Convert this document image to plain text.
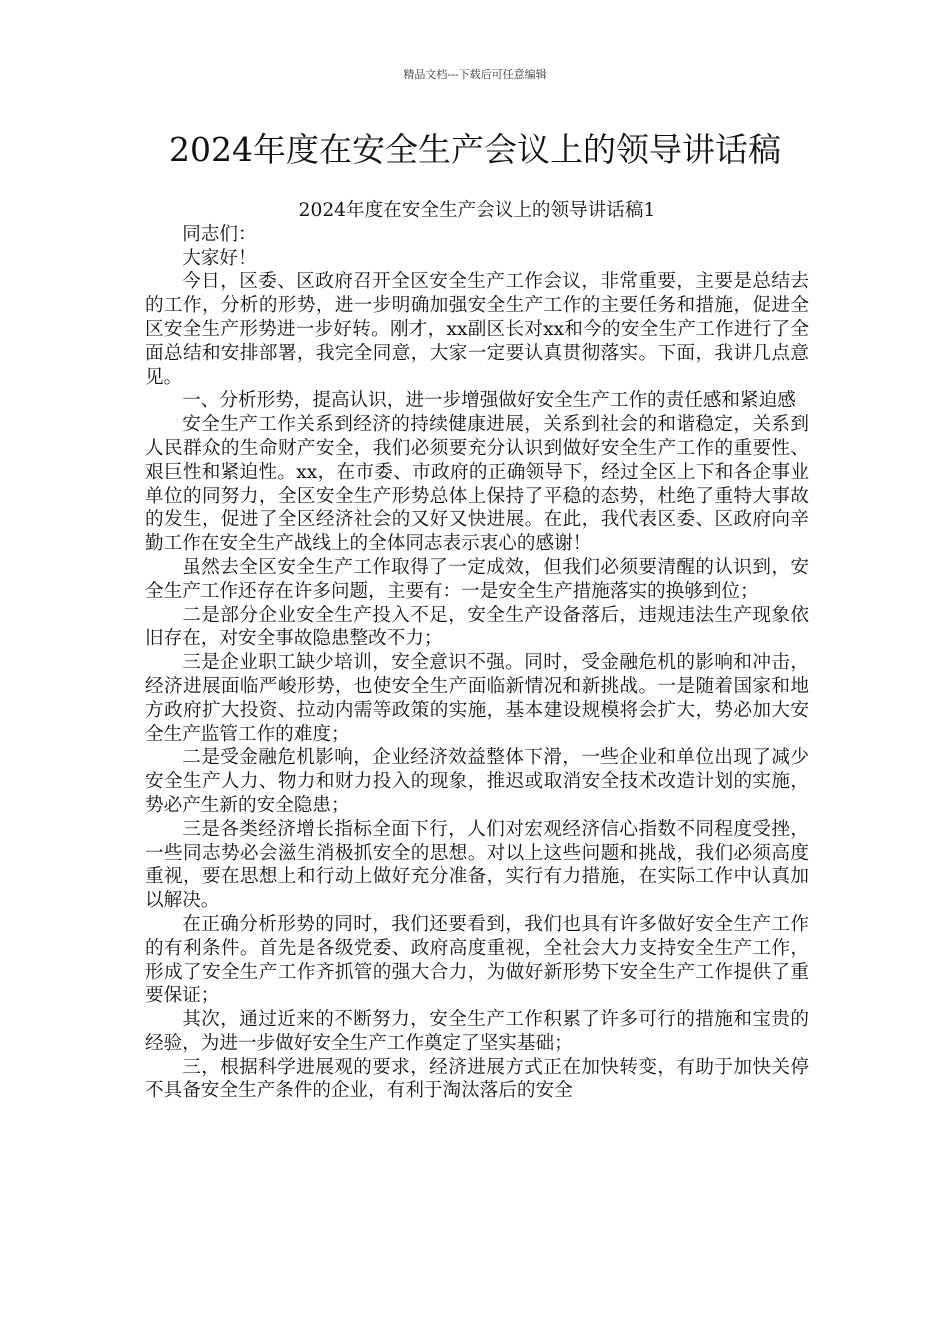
精品文档---下载后可任意编辑
2024年度在安全生产会议上的领导讲话稿

2024年度在安全生产会议上的领导讲话稿1

同志们：

大家好！

今日，区委、区政府召开全区安全生产工作会议，非常重要，主要是总结去的工作，分析的形势，进一步明确加强安全生产工作的主要任务和措施，促进全区安全生产形势进一步好转。刚才，xx副区长对xx和今的安全生产工作进行了全面总结和安排部署，我完全同意，大家一定要认真贯彻落实。下面，我讲几点意见。

一、分析形势，提高认识，进一步增强做好安全生产工作的责任感和紧迫感

安全生产工作关系到经济的持续健康进展，关系到社会的和谐稳定，关系到人民群众的生命财产安全，我们必须要充分认识到做好安全生产工作的重要性、艰巨性和紧迫性。xx，在市委、市政府的正确领导下，经过全区上下和各企事业单位的同努力，全区安全生产形势总体上保持了平稳的态势，杜绝了重特大事故的发生，促进了全区经济社会的又好又快进展。在此，我代表区委、区政府向辛勤工作在安全生产战线上的全体同志表示衷心的感谢！

虽然去全区安全生产工作取得了一定成效，但我们必须要清醒的认识到，安全生产工作还存在许多问题，主要有：一是安全生产措施落实的换够到位；

二是部分企业安全生产投入不足，安全生产设备落后，违规违法生产现象依旧存在，对安全事故隐患整改不力；

三是企业职工缺少培训，安全意识不强。同时，受金融危机的影响和冲击，经济进展面临严峻形势，也使安全生产面临新情况和新挑战。一是随着国家和地方政府扩大投资、拉动内需等政策的实施，基本建设规模将会扩大，势必加大安全生产监管工作的难度；

二是受金融危机影响，企业经济效益整体下滑，一些企业和单位出现了减少安全生产人力、物力和财力投入的现象，推迟或取消安全技术改造计划的实施，势必产生新的安全隐患；

三是各类经济增长指标全面下行，人们对宏观经济信心指数不同程度受挫，一些同志势必会滋生消极抓安全的思想。对以上这些问题和挑战，我们必须高度重视，要在思想上和行动上做好充分准备，实行有力措施，在实际工作中认真加以解决。

在正确分析形势的同时，我们还要看到，我们也具有许多做好安全生产工作的有利条件。首先是各级党委、政府高度重视，全社会大力支持安全生产工作，形成了安全生产工作齐抓管的强大合力，为做好新形势下安全生产工作提供了重要保证；

其次，通过近来的不断努力，安全生产工作积累了许多可行的措施和宝贵的经验，为进一步做好安全生产工作奠定了坚实基础；

三，根据科学进展观的要求，经济进展方式正在加快转变，有助于加快关停不具备安全生产条件的企业，有利于淘汰落后的安全
